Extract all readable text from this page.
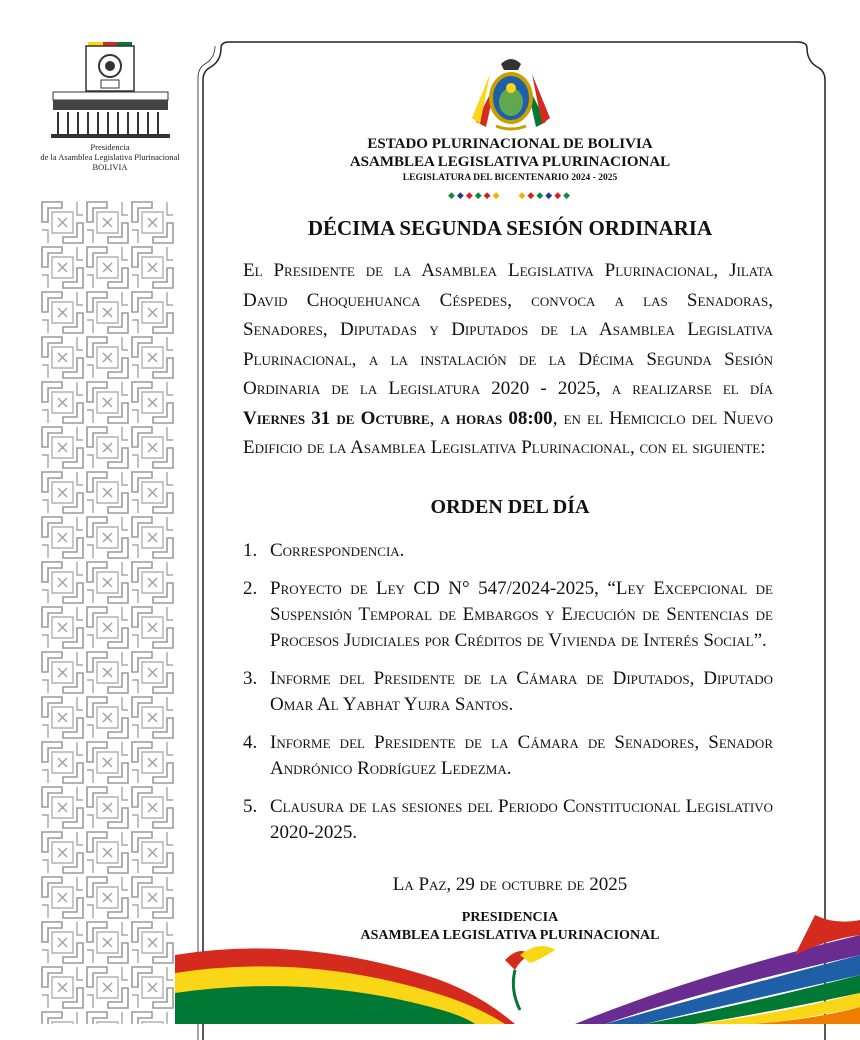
Presidencia
de la Asamblea Legislativa Plurinacional
BOLIVIA
ESTADO PLURINACIONAL DE BOLIVIA
ASAMBLEA LEGISLATIVA PLURINACIONAL
LEGISLATURA DEL BICENTENARIO 2024 - 2025
◆◆◆◆◆◆ ◆◆◆◆◆◆
DÉCIMA SEGUNDA SESIÓN ORDINARIA
El Presidente de la Asamblea Legislativa Plurinacional, Jilata David Choquehuanca Céspedes, convoca a las Senadoras, Senadores, Diputadas y Diputados de la Asamblea Legislativa Plurinacional, a la instalación de la Décima Segunda Sesión Ordinaria de la Legislatura 2020 - 2025, a realizarse el día Viernes 31 de Octubre, a horas 08:00, en el Hemiciclo del Nuevo Edificio de la Asamblea Legislativa Plurinacional, con el siguiente:
ORDEN DEL DÍA
1. Correspondencia.
2. Proyecto de Ley CD N° 547/2024-2025, “Ley Excepcional de Suspensión Temporal de Embargos y Ejecución de Sentencias de Procesos Judiciales por Créditos de Vivienda de Interés Social”.
3. Informe del Presidente de la Cámara de Diputados, Diputado Omar Al Yabhat Yujra Santos.
4. Informe del Presidente de la Cámara de Senadores, Senador Andrónico Rodríguez Ledezma.
5. Clausura de las sesiones del Periodo Constitucional Legislativo 2020-2025.
La Paz, 29 de octubre de 2025
PRESIDENCIA
ASAMBLEA LEGISLATIVA PLURINACIONAL
